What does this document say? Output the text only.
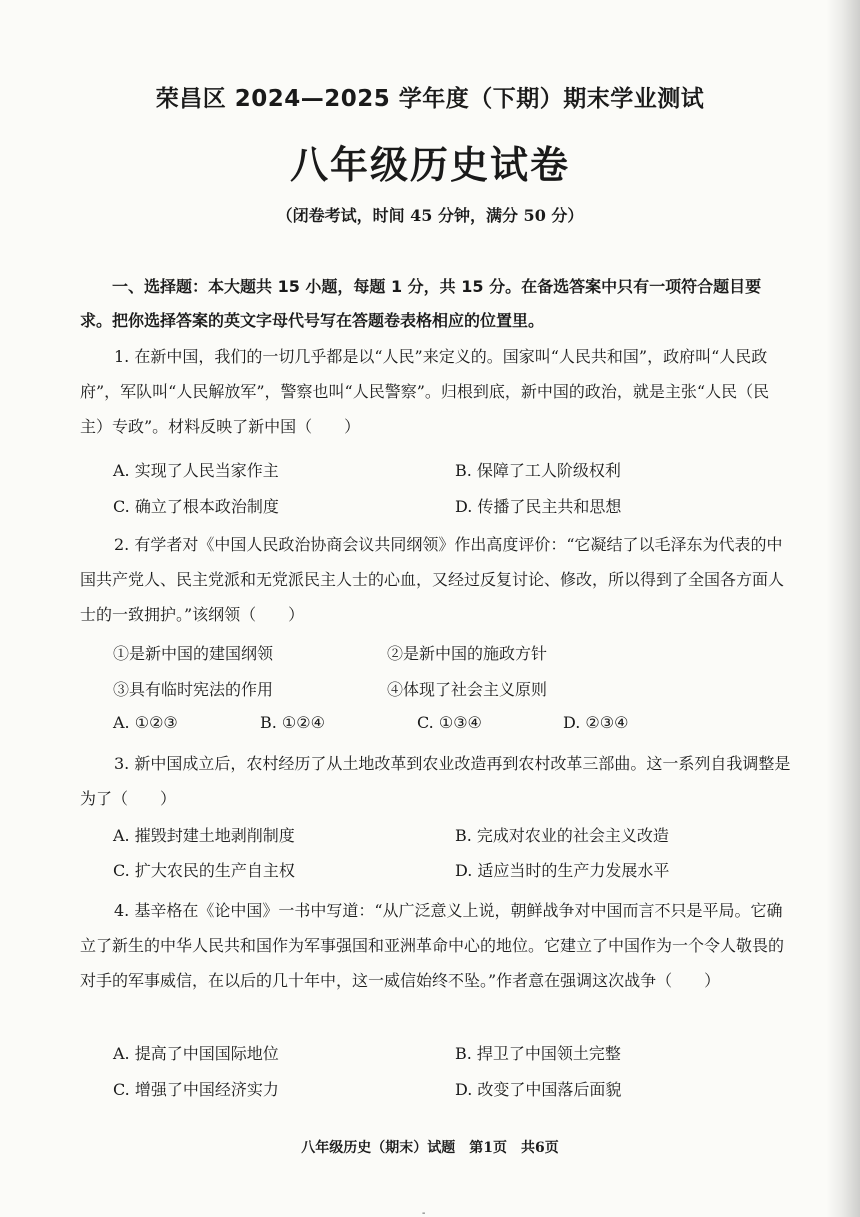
荣昌区 2024—2025 学年度（下期）期末学业测试
八年级历史试卷
（闭卷考试，时间 45 分钟，满分 50 分）
一、选择题：本大题共 15 小题，每题 1 分，共 15 分。在备选答案中只有一项符合题目要求。把你选择答案的英文字母代号写在答题卷表格相应的位置里。
1. 在新中国，我们的一切几乎都是以“人民”来定义的。国家叫“人民共和国”，政府叫“人民政府”，军队叫“人民解放军”，警察也叫“人民警察”。归根到底，新中国的政治，就是主张“人民（民主）专政”。材料反映了新中国（　　）
A. 实现了人民当家作主	B. 保障了工人阶级权利
C. 确立了根本政治制度	D. 传播了民主共和思想
2. 有学者对《中国人民政治协商会议共同纲领》作出高度评价：“它凝结了以毛泽东为代表的中国共产党人、民主党派和无党派民主人士的心血，又经过反复讨论、修改，所以得到了全国各方面人士的一致拥护。”该纲领（　　）
①是新中国的建国纲领	②是新中国的施政方针
③具有临时宪法的作用	④体现了社会主义原则
A. ①②③	B. ①②④	C. ①③④	D. ②③④
3. 新中国成立后，农村经历了从土地改革到农业改造再到农村改革三部曲。这一系列自我调整是为了（　　）
A. 摧毁封建土地剥削制度	B. 完成对农业的社会主义改造
C. 扩大农民的生产自主权	D. 适应当时的生产力发展水平
4. 基辛格在《论中国》一书中写道：“从广泛意义上说，朝鲜战争对中国而言不只是平局。它确立了新生的中华人民共和国作为军事强国和亚洲革命中心的地位。它建立了中国作为一个令人敬畏的对手的军事威信，在以后的几十年中，这一威信始终不坠。”作者意在强调这次战争（　　）
A. 提高了中国国际地位	B. 捍卫了中国领土完整
C. 增强了中国经济实力	D. 改变了中国落后面貌
八年级历史（期末）试题　第1页　共6页
-
